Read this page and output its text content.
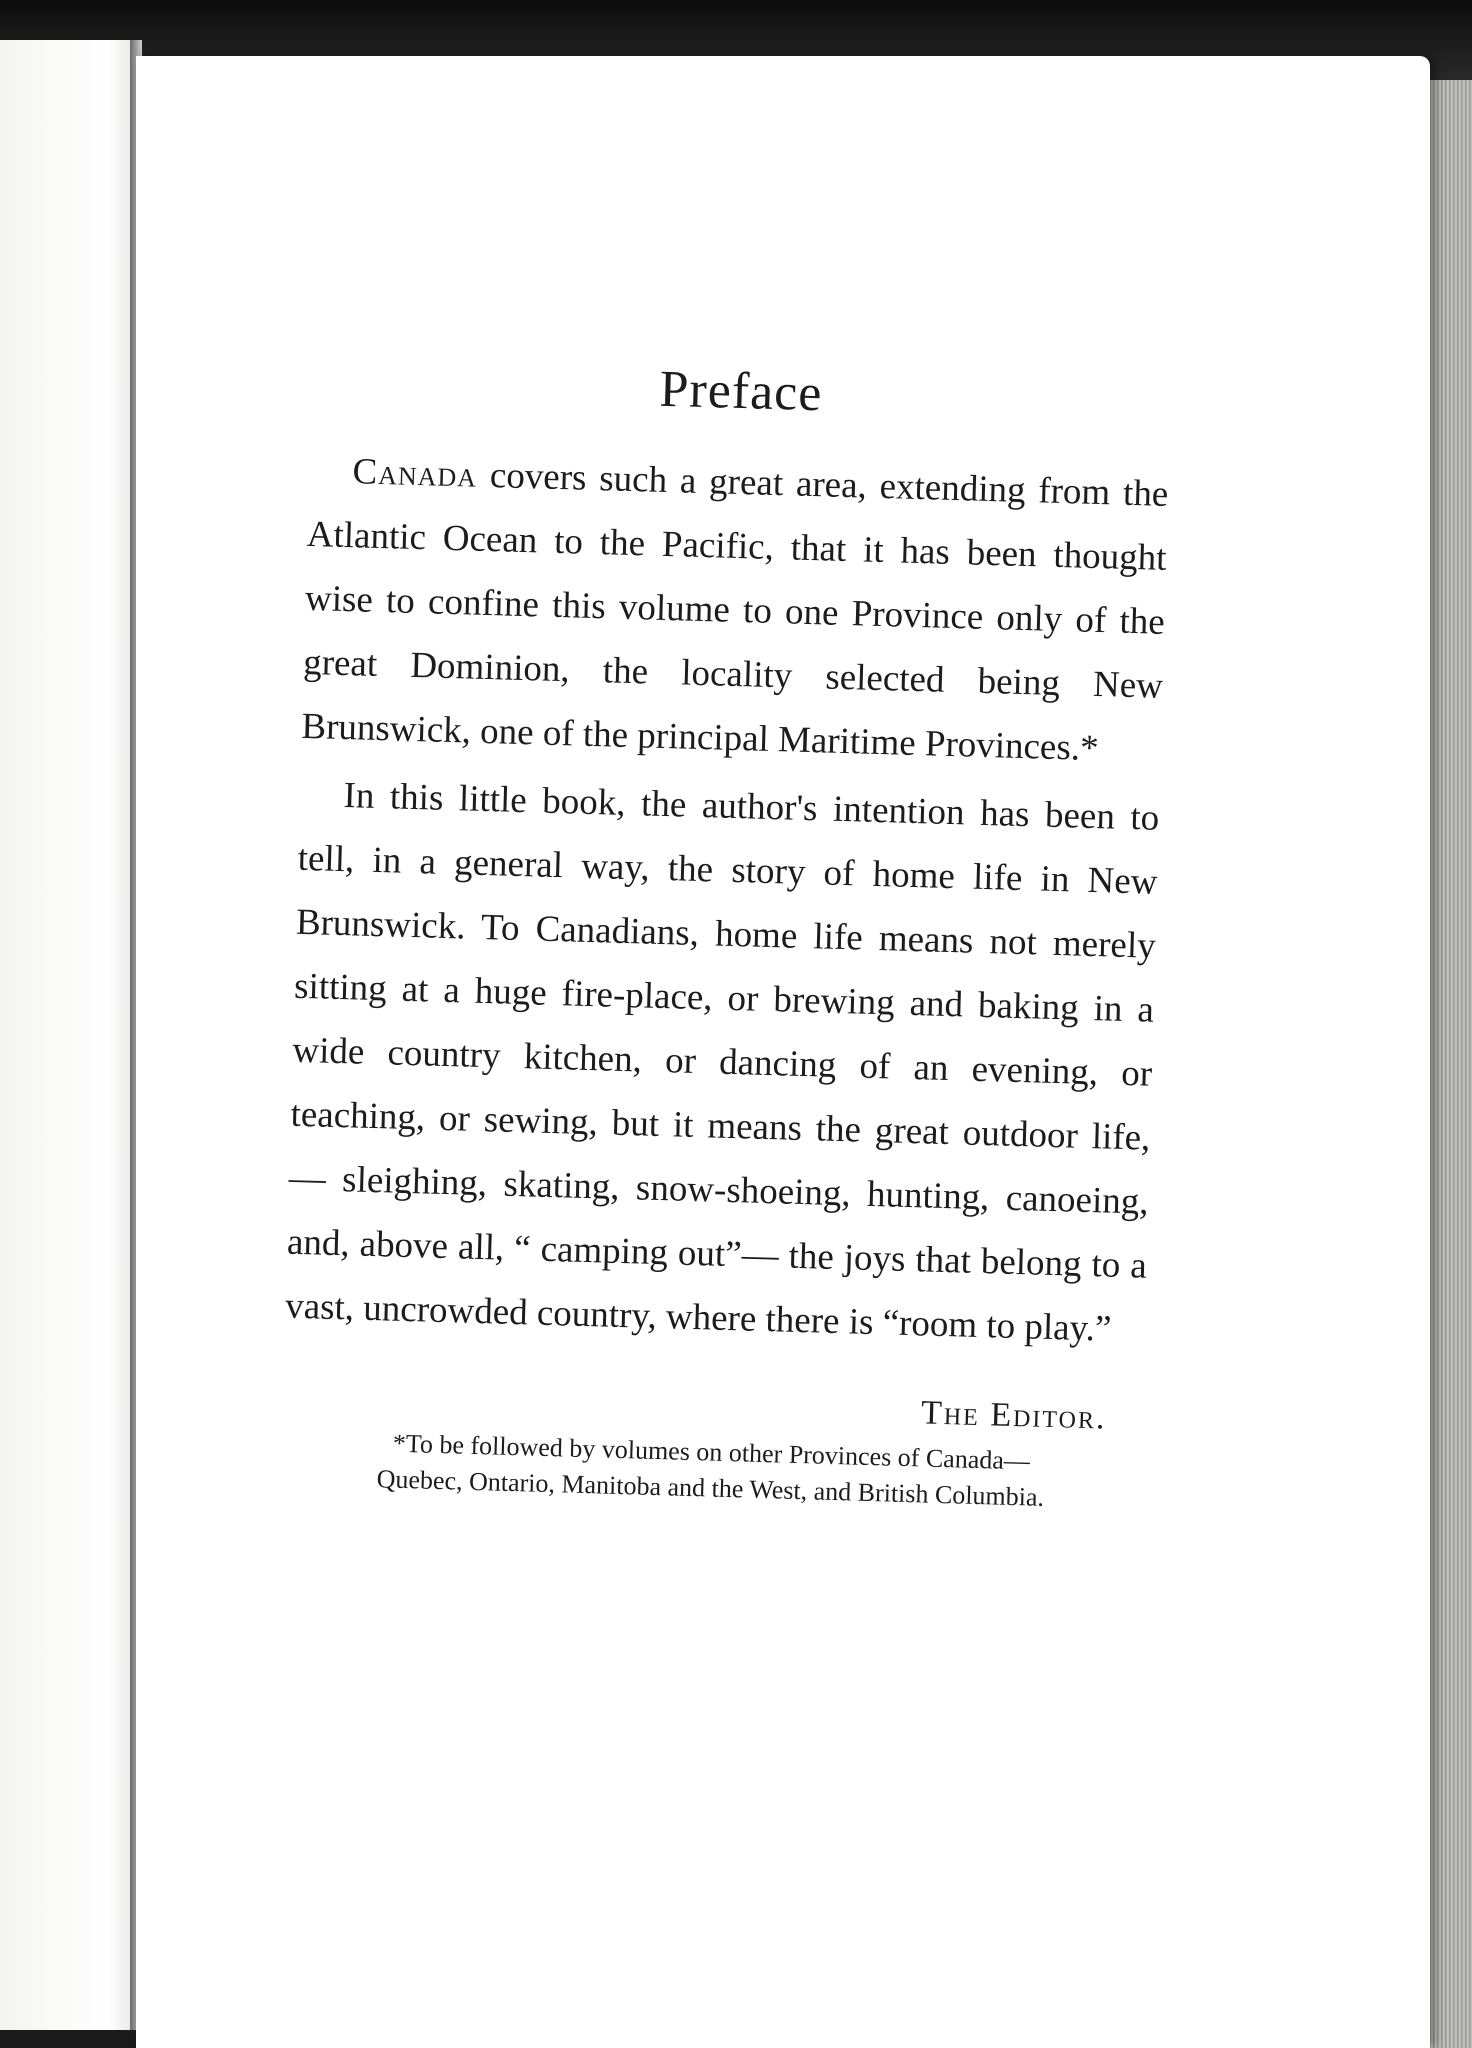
Preface

Canada covers such a great area, extending from the Atlantic Ocean to the Pacific, that it has been thought wise to confine this volume to one Province only of the great Dominion, the locality selected being New Brunswick, one of the principal Maritime Provinces.*

In this little book, the author's intention has been to tell, in a general way, the story of home life in New Brunswick. To Canadians, home life means not merely sitting at a huge fire-place, or brewing and baking in a wide country kitchen, or dancing of an evening, or teaching, or sewing, but it means the great outdoor life, — sleighing, skating, snow-shoeing, hunting, canoeing, and, above all, “ camping out”— the joys that belong to a vast, uncrowded country, where there is “room to play.”

The Editor.
*To be followed by volumes on other Provinces of Canada—
Quebec, Ontario, Manitoba and the West, and British Columbia.
